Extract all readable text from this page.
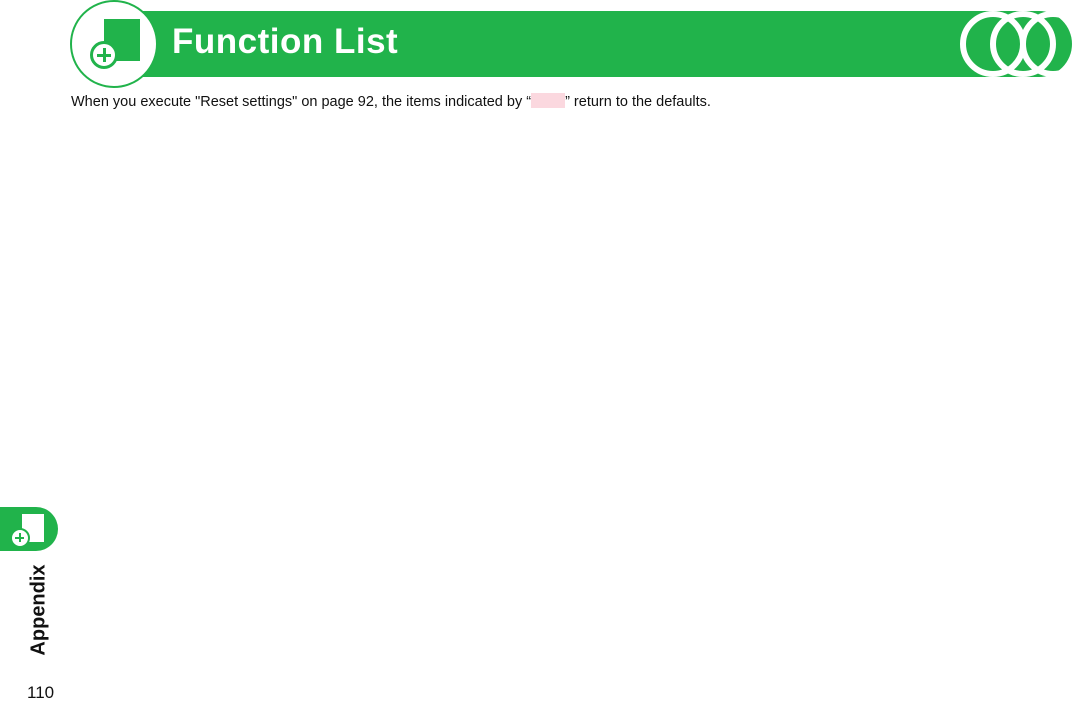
Function List
When you execute "Reset settings" on page 92, the items indicated by “ ” return to the defaults.
Appendix
110
